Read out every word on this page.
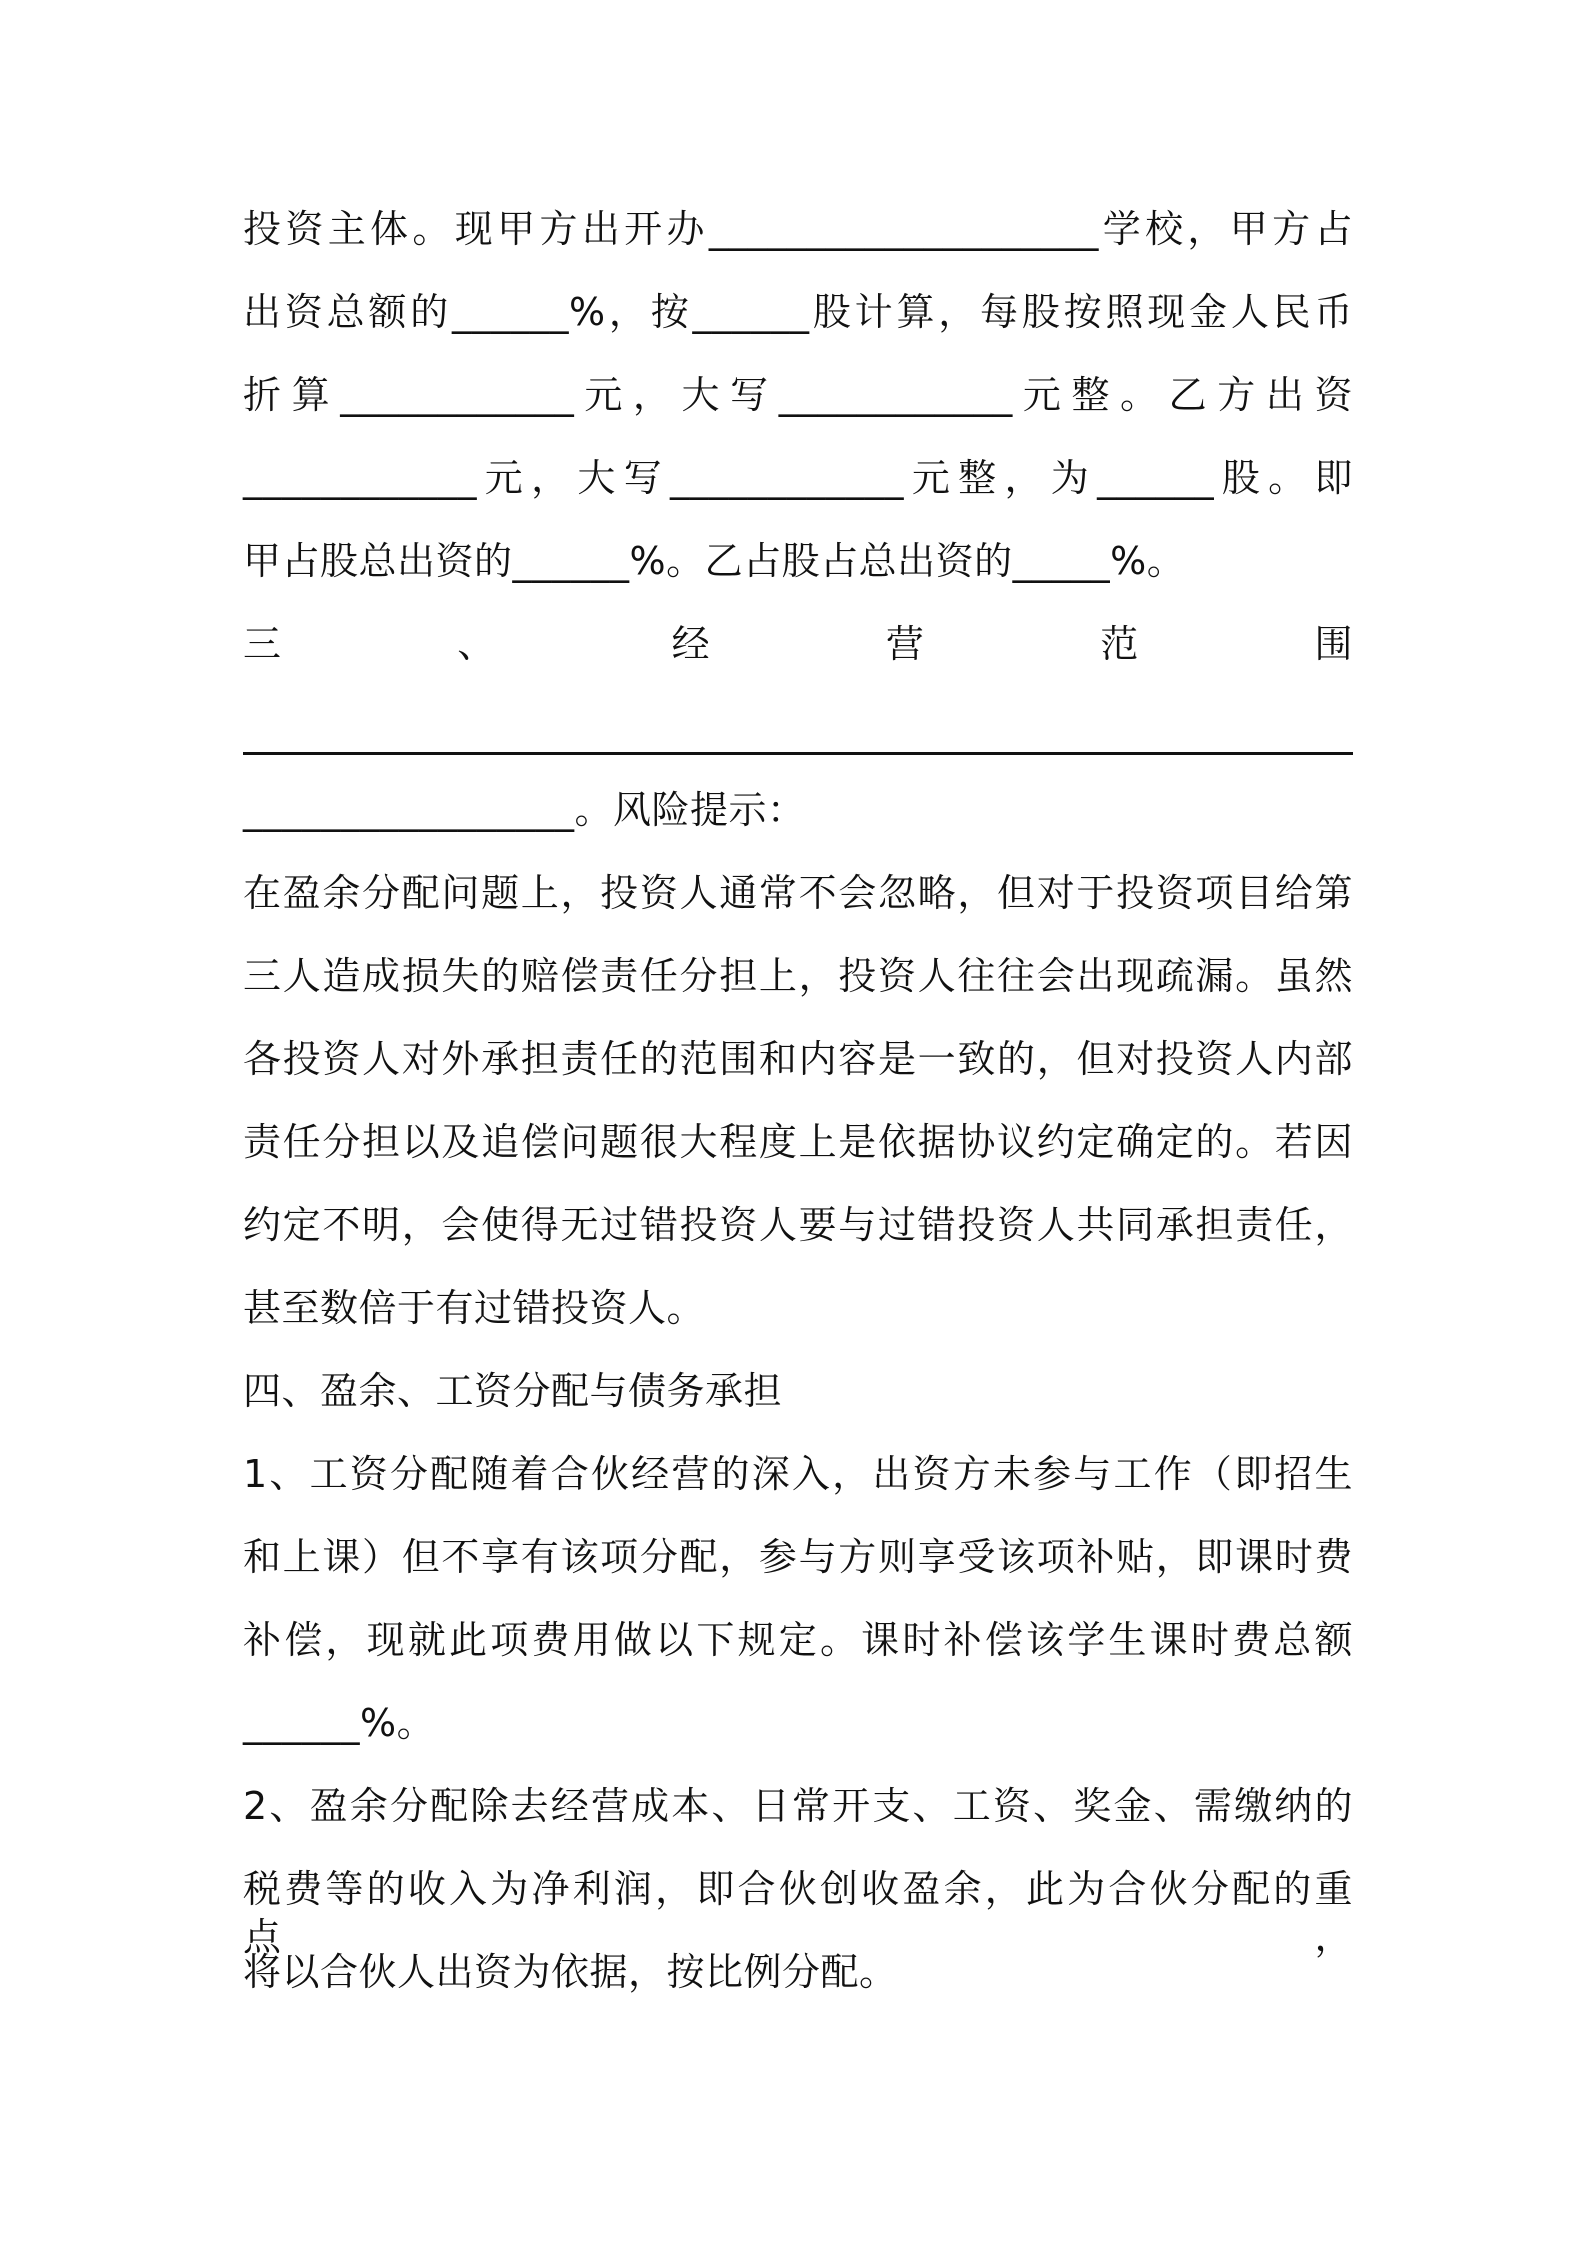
投资主体。现甲方出开办____________________学校，甲方占
出资总额的______%，按______股计算，每股按照现金人民币
折算____________元，大写____________元整。乙方出资
____________元，大写____________元整，为______股。即
甲占股总出资的______%。乙占股占总出资的_____%。
三	、	经	营	范	围
_________________。风险提示：
在盈余分配问题上，投资人通常不会忽略，但对于投资项目给第
三人造成损失的赔偿责任分担上，投资人往往会出现疏漏。虽然
各投资人对外承担责任的范围和内容是一致的，但对投资人内部
责任分担以及追偿问题很大程度上是依据协议约定确定的。若因
约定不明，会使得无过错投资人要与过错投资人共同承担责任，
甚至数倍于有过错投资人。
四、盈余、工资分配与债务承担
1、工资分配随着合伙经营的深入，出资方未参与工作（即招生
和上课）但不享有该项分配，参与方则享受该项补贴，即课时费
补偿，现就此项费用做以下规定。课时补偿该学生课时费总额
______%。
2、盈余分配除去经营成本、日常开支、工资、奖金、需缴纳的
税费等的收入为净利润，即合伙创收盈余，此为合伙分配的重点，
将以合伙人出资为依据，按比例分配。
